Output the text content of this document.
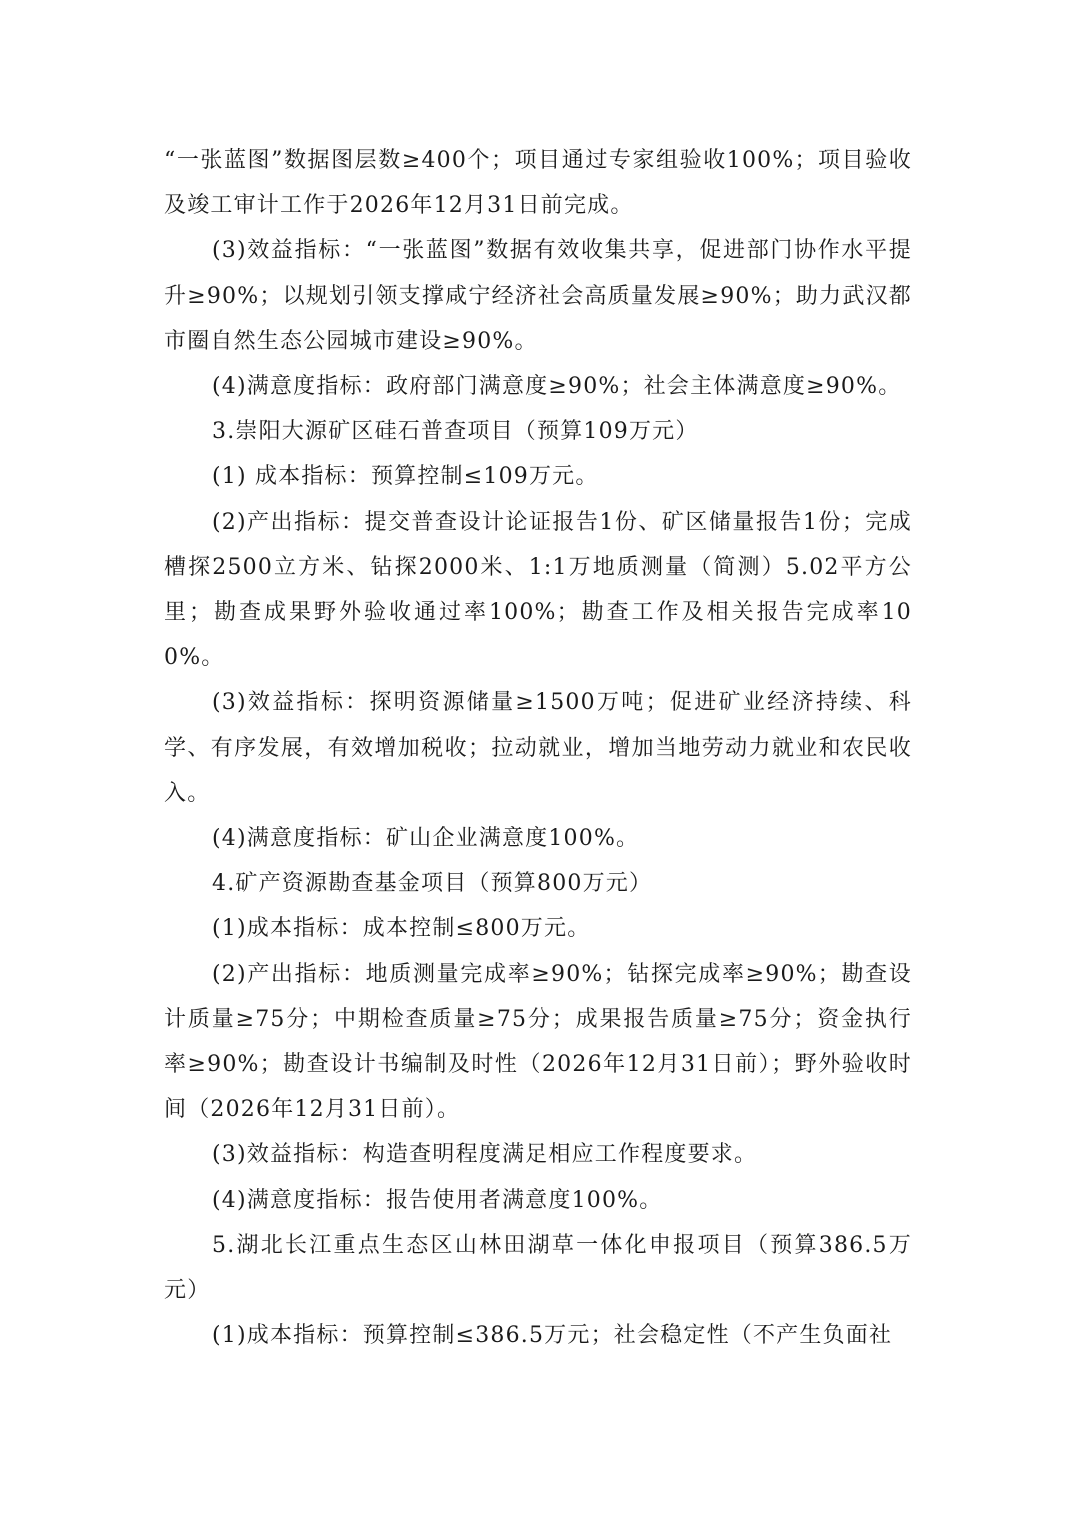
“一张蓝图”数据图层数≥400个；项目通过专家组验收100%；项目验收及竣工审计工作于2026年12月31日前完成。

(3)效益指标：“一张蓝图”数据有效收集共享，促进部门协作水平提升≥90%；以规划引领支撑咸宁经济社会高质量发展≥90%；助力武汉都市圈自然生态公园城市建设≥90%。

(4)满意度指标：政府部门满意度≥90%；社会主体满意度≥90%。

3.崇阳大源矿区硅石普查项目（预算109万元）

(1) 成本指标：预算控制≤109万元。

(2)产出指标：提交普查设计论证报告1份、矿区储量报告1份；完成槽探2500立方米、钻探2000米、1:1万地质测量（简测）5.02平方公里；勘查成果野外验收通过率100%；勘查工作及相关报告完成率100%。

(3)效益指标：探明资源储量≥1500万吨；促进矿业经济持续、科学、有序发展，有效增加税收；拉动就业，增加当地劳动力就业和农民收入。

(4)满意度指标：矿山企业满意度100%。

4.矿产资源勘查基金项目（预算800万元）

(1)成本指标：成本控制≤800万元。

(2)产出指标：地质测量完成率≥90%；钻探完成率≥90%；勘查设计质量≥75分；中期检查质量≥75分；成果报告质量≥75分；资金执行率≥90%；勘查设计书编制及时性（2026年12月31日前）；野外验收时间（2026年12月31日前）。

(3)效益指标：构造查明程度满足相应工作程度要求。

(4)满意度指标：报告使用者满意度100%。

5.湖北长江重点生态区山林田湖草一体化申报项目（预算386.5万元）

(1)成本指标：预算控制≤386.5万元；社会稳定性（不产生负面社
